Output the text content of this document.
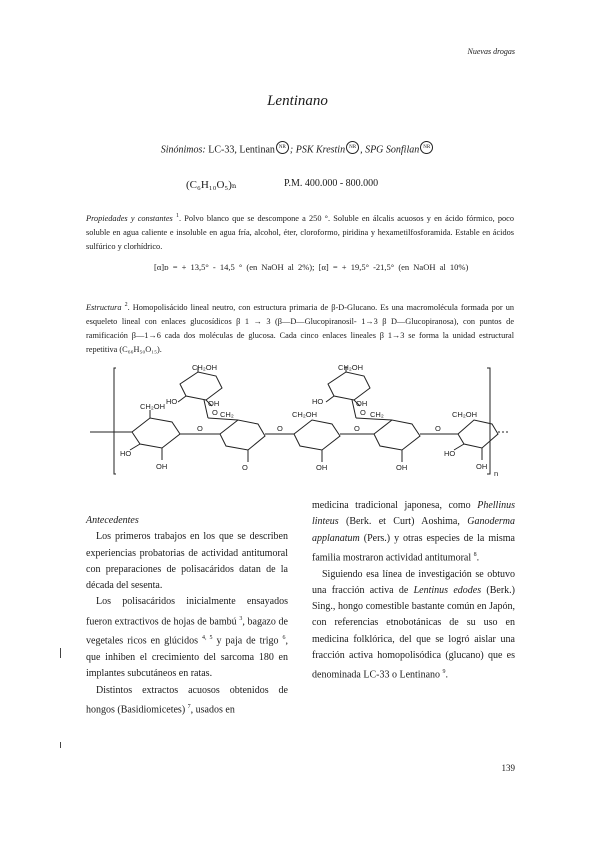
Nuevas drogas
Lentinano
Sinónimos: LC-33, Lentinan NR ; PSK Krestin NR , SPG Sonfilan NR
(C₆H₁₀O₅)ₙ	P.M. 400.000 - 800.000
Propiedades y constantes $^1$. Polvo blanco que se descompone a 250 °. Soluble en álcalis acuosos y en ácido fórmico, poco soluble en agua caliente e insoluble en agua fría, alcohol, éter, cloroformo, piridina y hexametilfosforamida. Estable en ácidos sulfúrico y clorhídrico.
[α]ᴅ = + 13,5° - 14,5 ° (en NaOH al 2%); [α] = + 19,5° -21,5° (en NaOH al 10%)
Estructura $^2$. Homopolisácido lineal neutro, con estructura primaria de β-D-Glucano. Es una macromolécula formada por un esqueleto lineal con enlaces glucosídicos β 1 → 3 (β—D—Glucopiranosil- 1→3 β D—Glucopiranosa), con puntos de ramificación β—1→6 cada dos moléculas de glucosa. Cada cinco enlaces lineales β 1→3 se forma la unidad estructural repetitiva (C₆₆H₅₀O₁₅).
CH₂OH	CH₂OH
HO	OH	HO	OH
O	O
CH₂OH
CH₂	CH₂OH	CH₂	CH₂OH
HO
OH	O	OH	OH
HO
OH
O	O	O	O
n
Antecedentes

Los primeros trabajos en los que se describen experiencias probatorias de actividad antitumoral con preparaciones de polisacáridos datan de la década del sesenta.

Los polisacáridos inicialmente ensayados fueron extractivos de hojas de bambú $^3$, bagazo de vegetales ricos en glúcidos $^{4, 5}$ y paja de trigo $^6$, que inhiben el crecimiento del sarcoma 180 en implantes subcutáneos en ratas.

Distintos extractos acuosos obtenidos de hongos (Basidiomicetes) $^7$, usados en

medicina tradicional japonesa, como Phellinus linteus (Berk. et Curt) Aoshima, Ganoderma applanatum (Pers.) y otras especies de la misma familia mostraron actividad antitumoral $^8$.

Siguiendo esa línea de investigación se obtuvo una fracción activa de Lentinus edodes (Berk.) Sing., hongo comestible bastante común en Japón, con referencias etnobotánicas de su uso en medicina folklórica, del que se logró aislar una fracción activa homopolisódica (glucano) que es denominada LC-33 o Lentinano $^9$.

139
